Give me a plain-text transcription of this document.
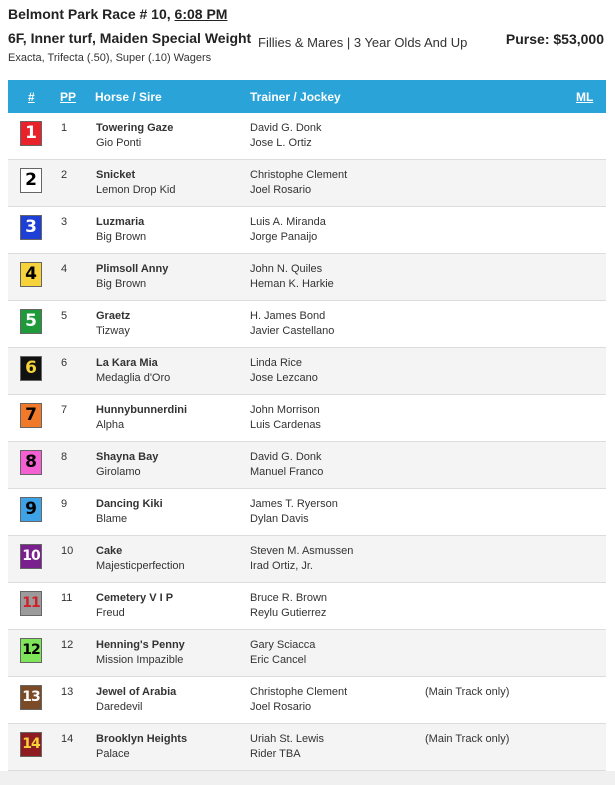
Belmont Park Race # 10, 6:08 PM
6F, Inner turf, Maiden Special Weight
Exacta, Trifecta (.50), Super (.10) Wagers
Fillies & Mares | 3 Year Olds And Up	Purse: $53,000
# PP Horse / Sire	Trainer / Jockey	ML
1	1	Towering Gaze
Gio Ponti
David G. Donk
Jose L. Ortiz
2	2	Snicket
Lemon Drop Kid
Christophe Clement
Joel Rosario
3	3	Luzmaria
Big Brown
Luis A. Miranda
Jorge Panaijo
4	4	Plimsoll Anny
Big Brown
John N. Quiles
Heman K. Harkie
5	5	Graetz
Tizway
H. James Bond
Javier Castellano
6	6	La Kara Mia
Medaglia d'Oro
Linda Rice
Jose Lezcano
7	7	Hunnybunnerdini
Alpha
John Morrison
Luis Cardenas
8	8	Shayna Bay
Girolamo
David G. Donk
Manuel Franco
9	9	Dancing Kiki
Blame
James T. Ryerson
Dylan Davis
10 10 Cake
Majesticperfection
Steven M. Asmussen
Irad Ortiz, Jr.
11 11 Cemetery V I P
Freud
Bruce R. Brown
Reylu Gutierrez
12 12 Henning's Penny
Mission Impazible
Gary Sciacca
Eric Cancel
13 13 Jewel of Arabia
Daredevil
Christophe Clement
Joel Rosario
(Main Track only)
14 14 Brooklyn Heights
Palace
Uriah St. Lewis
Rider TBA
(Main Track only)
